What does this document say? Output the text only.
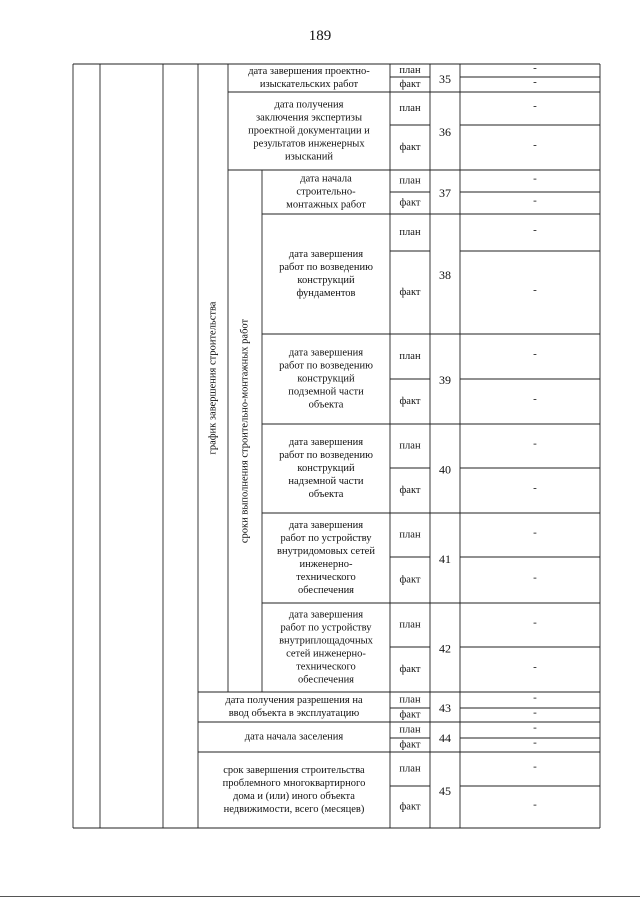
189
дата завершения проектно-
изыскательских работ
план
факт 35
-
-
дата получения
заключения экспертизы
проектной документации и
результатов инженерных
изысканий
план
факт
36
-
-
дата начала
строительно-
монтажных работ
план
факт
37
-
-
дата завершения
работ по возведению
конструкций
фундаментов
план
факт
38
-
-
дата завершения
работ по возведению
конструкций
подземной части
объекта
план
факт
39
-
-
дата завершения
работ по возведению
конструкций
надземной части
объекта
план
факт
40
-
-
дата завершения
работ по устройству
внутридомовых сетей
инженерно-
технического
обеспечения
план
факт
41
-
-
дата завершения
работ по устройству
внутриплощадочных
сетей инженерно-
технического
обеспечения
план
факт
42
-
-
дата получения разрешения на
ввод объекта в эксплуатацию
план
факт
43
-
-
дата начала заселения
план
факт
44
-
-
срок завершения строительства
проблемного многоквартирного
дома и (или) иного объекта
недвижимости, всего (месяцев)
план
факт
45
-
-
график завершения строительства сроки выполнения строительно-монтажных работ
